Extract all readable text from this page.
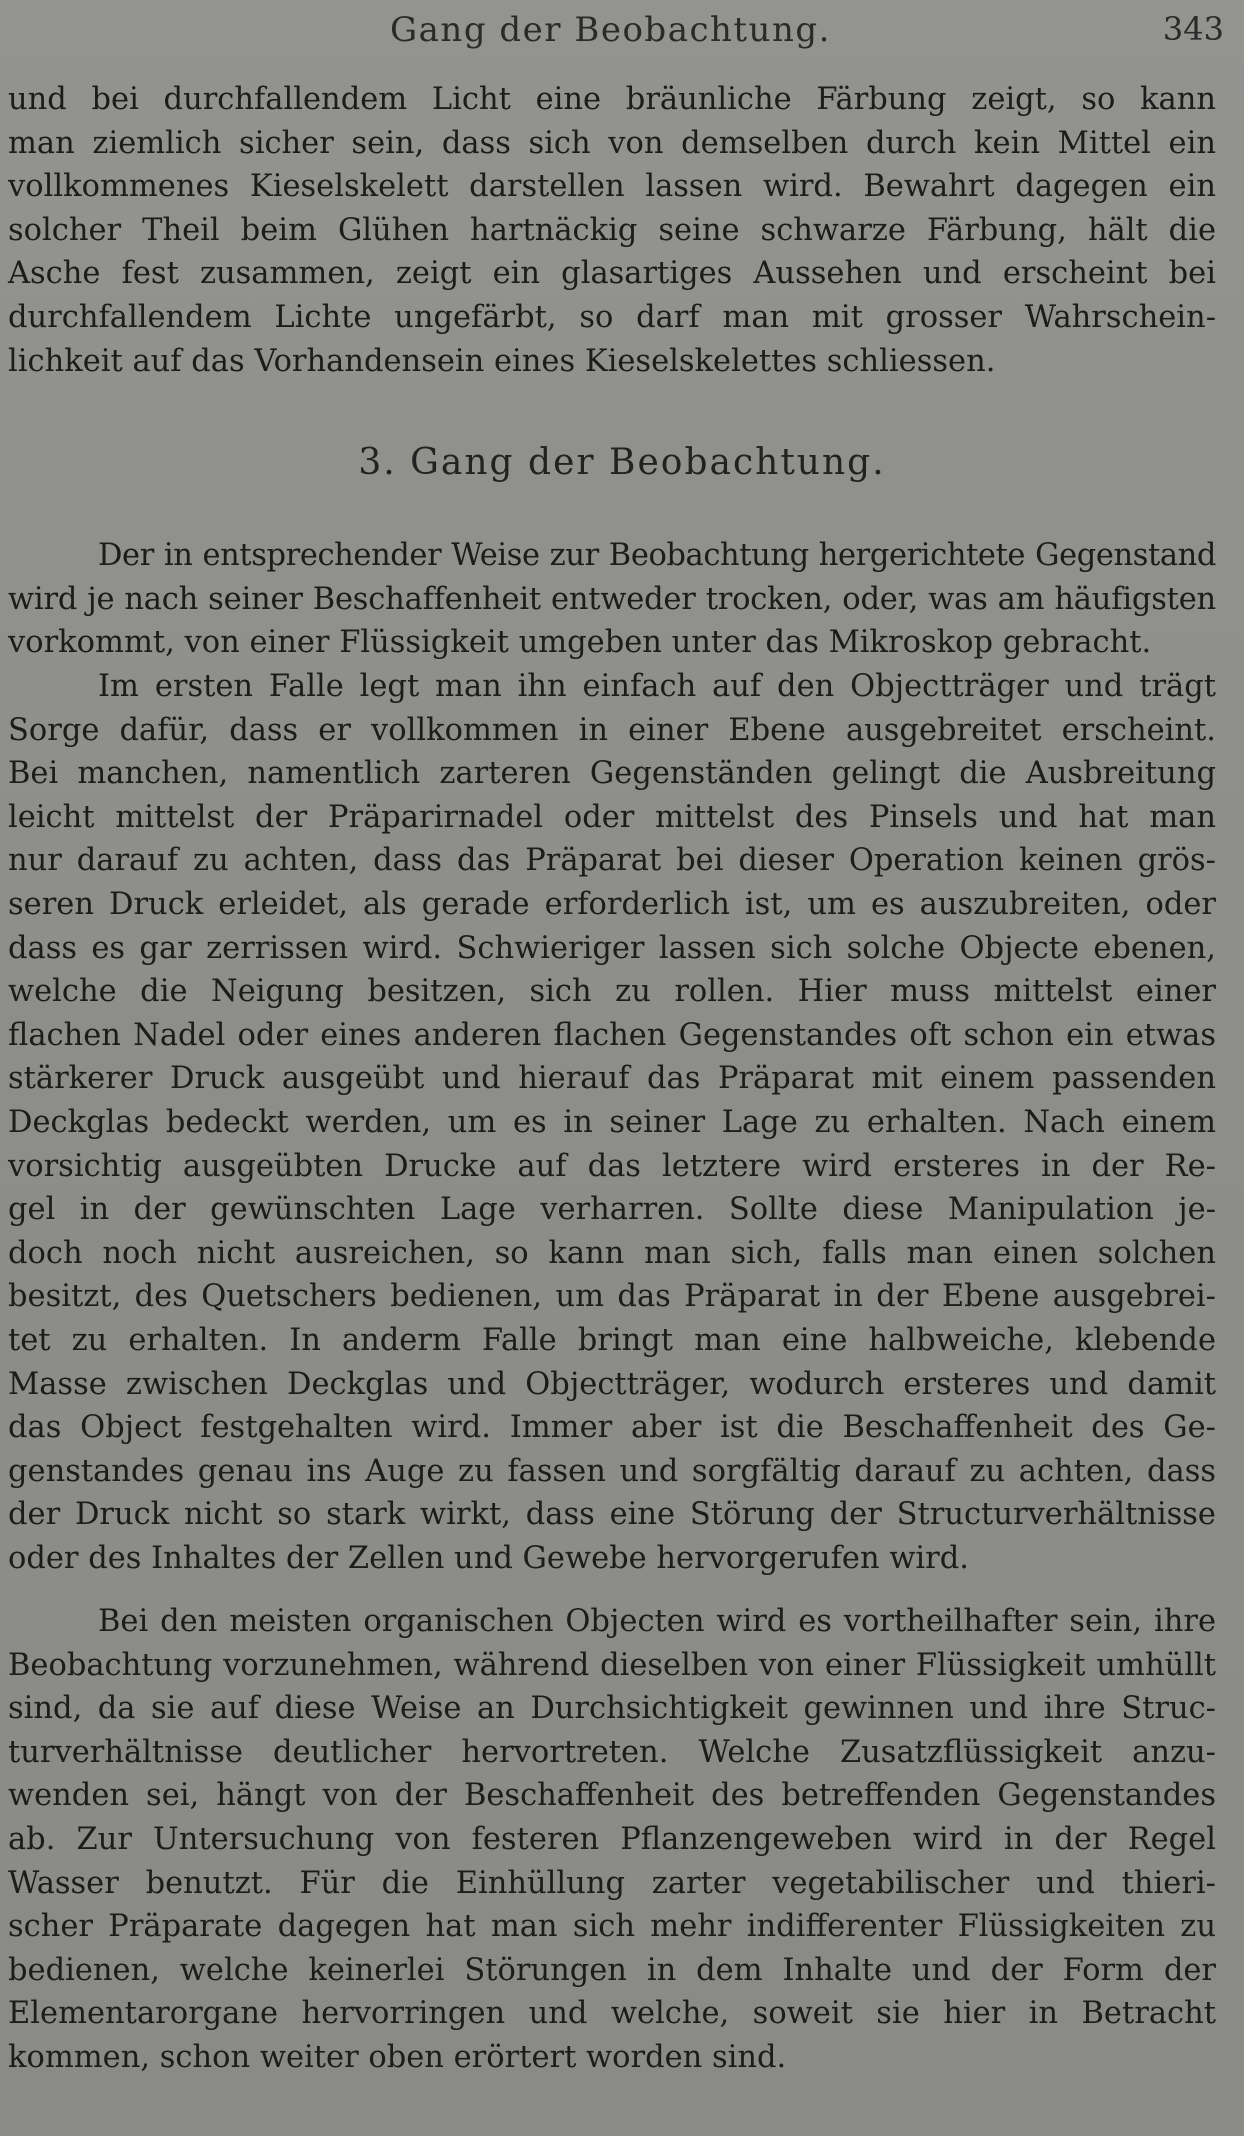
Gang der Beobachtung.	343
und bei durchfallendem Licht eine bräunliche Färbung zeigt, so kann
man ziemlich sicher sein, dass sich von demselben durch kein Mittel ein
vollkommenes Kieselskelett darstellen lassen wird. Bewahrt dagegen ein
solcher Theil beim Glühen hartnäckig seine schwarze Färbung, hält die
Asche fest zusammen, zeigt ein glasartiges Aussehen und erscheint bei
durchfallendem Lichte ungefärbt, so darf man mit grosser Wahrschein-
lichkeit auf das Vorhandensein eines Kieselskelettes schliessen.
3. Gang der Beobachtung.
Der in entsprechender Weise zur Beobachtung hergerichtete Gegenstand
wird je nach seiner Beschaffenheit entweder trocken, oder, was am häufigsten
vorkommt, von einer Flüssigkeit umgeben unter das Mikroskop gebracht.
Im ersten Falle legt man ihn einfach auf den Objectträger und trägt
Sorge dafür, dass er vollkommen in einer Ebene ausgebreitet erscheint.
Bei manchen, namentlich zarteren Gegenständen gelingt die Ausbreitung
leicht mittelst der Präparirnadel oder mittelst des Pinsels und hat man
nur darauf zu achten, dass das Präparat bei dieser Operation keinen grös-
seren Druck erleidet, als gerade erforderlich ist, um es auszubreiten, oder
dass es gar zerrissen wird. Schwieriger lassen sich solche Objecte ebenen,
welche die Neigung besitzen, sich zu rollen. Hier muss mittelst einer
flachen Nadel oder eines anderen flachen Gegenstandes oft schon ein etwas
stärkerer Druck ausgeübt und hierauf das Präparat mit einem passenden
Deckglas bedeckt werden, um es in seiner Lage zu erhalten. Nach einem
vorsichtig ausgeübten Drucke auf das letztere wird ersteres in der Re-
gel in der gewünschten Lage verharren. Sollte diese Manipulation je-
doch noch nicht ausreichen, so kann man sich, falls man einen solchen
besitzt, des Quetschers bedienen, um das Präparat in der Ebene ausgebrei-
tet zu erhalten. In anderm Falle bringt man eine halbweiche, klebende
Masse zwischen Deckglas und Objectträger, wodurch ersteres und damit
das Object festgehalten wird. Immer aber ist die Beschaffenheit des Ge-
genstandes genau ins Auge zu fassen und sorgfältig darauf zu achten, dass
der Druck nicht so stark wirkt, dass eine Störung der Structurverhältnisse
oder des Inhaltes der Zellen und Gewebe hervorgerufen wird.
Bei den meisten organischen Objecten wird es vortheilhafter sein, ihre
Beobachtung vorzunehmen, während dieselben von einer Flüssigkeit umhüllt
sind, da sie auf diese Weise an Durchsichtigkeit gewinnen und ihre Struc-
turverhältnisse deutlicher hervortreten. Welche Zusatzflüssigkeit anzu-
wenden sei, hängt von der Beschaffenheit des betreffenden Gegenstandes
ab. Zur Untersuchung von festeren Pflanzengeweben wird in der Regel
Wasser benutzt. Für die Einhüllung zarter vegetabilischer und thieri-
scher Präparate dagegen hat man sich mehr indifferenter Flüssigkeiten zu
bedienen, welche keinerlei Störungen in dem Inhalte und der Form der
Elementarorgane hervorringen und welche, soweit sie hier in Betracht
kommen, schon weiter oben erörtert worden sind.
